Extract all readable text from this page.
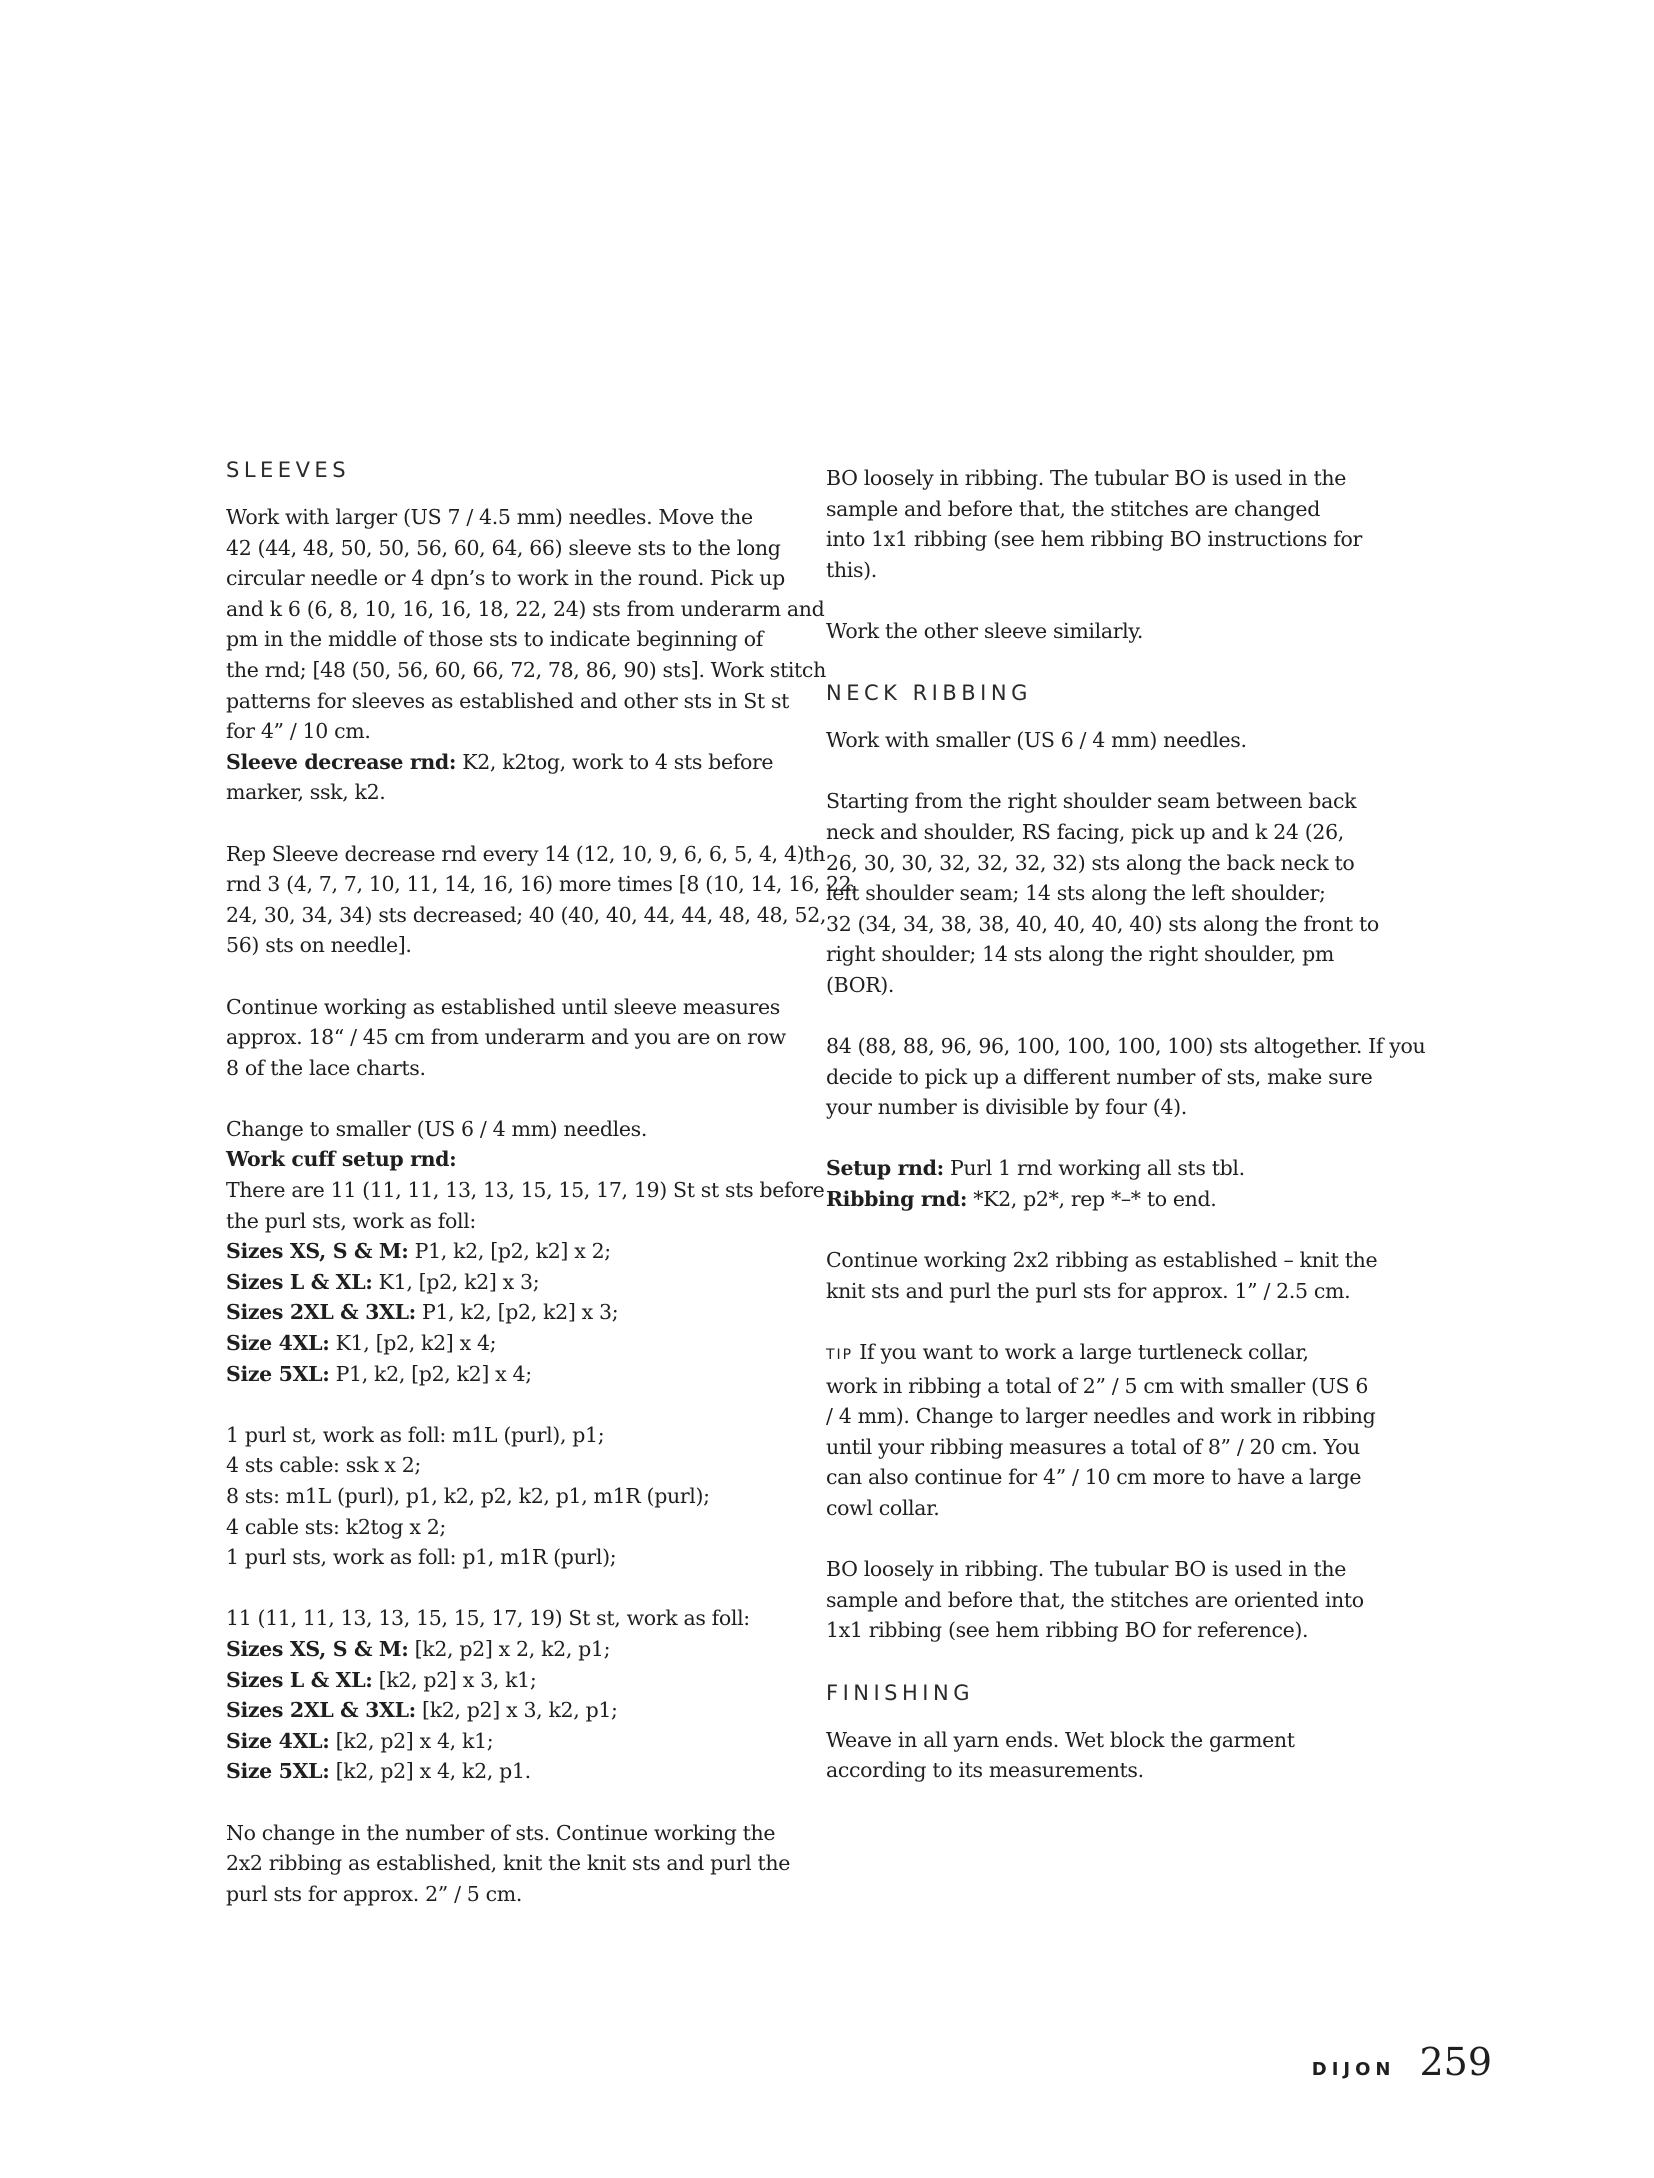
SLEEVES

Work with larger (US 7 / 4.5 mm) needles. Move the
42 (44, 48, 50, 50, 56, 60, 64, 66) sleeve sts to the long
circular needle or 4 dpn’s to work in the round. Pick up
and k 6 (6, 8, 10, 16, 16, 18, 22, 24) sts from underarm and
pm in the middle of those sts to indicate beginning of
the rnd; [48 (50, 56, 60, 66, 72, 78, 86, 90) sts]. Work stitch
patterns for sleeves as established and other sts in St st
for 4” / 10 cm.
Sleeve decrease rnd: K2, k2tog, work to 4 sts before
marker, ssk, k2.

Rep Sleeve decrease rnd every 14 (12, 10, 9, 6, 6, 5, 4, 4)th
rnd 3 (4, 7, 7, 10, 11, 14, 16, 16) more times [8 (10, 14, 16, 22,
24, 30, 34, 34) sts decreased; 40 (40, 40, 44, 44, 48, 48, 52,
56) sts on needle].

Continue working as established until sleeve measures
approx. 18“ / 45 cm from underarm and you are on row
8 of the lace charts.

Change to smaller (US 6 / 4 mm) needles.
Work cuff setup rnd:
There are 11 (11, 11, 13, 13, 15, 15, 17, 19) St st sts before
the purl sts, work as foll:
Sizes XS, S & M: P1, k2, [p2, k2] x 2;
Sizes L & XL: K1, [p2, k2] x 3;
Sizes 2XL & 3XL: P1, k2, [p2, k2] x 3;
Size 4XL: K1, [p2, k2] x 4;
Size 5XL: P1, k2, [p2, k2] x 4;

1 purl st, work as foll: m1L (purl), p1;
4 sts cable: ssk x 2;
8 sts: m1L (purl), p1, k2, p2, k2, p1, m1R (purl);
4 cable sts: k2tog x 2;
1 purl sts, work as foll: p1, m1R (purl);

11 (11, 11, 13, 13, 15, 15, 17, 19) St st, work as foll:
Sizes XS, S & M: [k2, p2] x 2, k2, p1;
Sizes L & XL: [k2, p2] x 3, k1;
Sizes 2XL & 3XL: [k2, p2] x 3, k2, p1;
Size 4XL: [k2, p2] x 4, k1;
Size 5XL: [k2, p2] x 4, k2, p1.

No change in the number of sts. Continue working the
2x2 ribbing as established, knit the knit sts and purl the
purl sts for approx. 2” / 5 cm.

BO loosely in ribbing. The tubular BO is used in the
sample and before that, the stitches are changed
into 1x1 ribbing (see hem ribbing BO instructions for
this).

Work the other sleeve similarly.

NECK RIBBING

Work with smaller (US 6 / 4 mm) needles.

Starting from the right shoulder seam between back
neck and shoulder, RS facing, pick up and k 24 (26,
26, 30, 30, 32, 32, 32, 32) sts along the back neck to
left shoulder seam; 14 sts along the left shoulder;
32 (34, 34, 38, 38, 40, 40, 40, 40) sts along the front to
right shoulder; 14 sts along the right shoulder, pm
(BOR).

84 (88, 88, 96, 96, 100, 100, 100, 100) sts altogether. If you
decide to pick up a different number of sts, make sure
your number is divisible by four (4).

Setup rnd: Purl 1 rnd working all sts tbl.
Ribbing rnd: *K2, p2*, rep *–* to end.

Continue working 2x2 ribbing as established – knit the
knit sts and purl the purl sts for approx. 1” / 2.5 cm.

TIP If you want to work a large turtleneck collar,
work in ribbing a total of 2” / 5 cm with smaller (US 6
/ 4 mm). Change to larger needles and work in ribbing
until your ribbing measures a total of 8” / 20 cm. You
can also continue for 4” / 10 cm more to have a large
cowl collar.

BO loosely in ribbing. The tubular BO is used in the
sample and before that, the stitches are oriented into
1x1 ribbing (see hem ribbing BO for reference).

FINISHING

Weave in all yarn ends. Wet block the garment
according to its measurements.

DIJON 259
